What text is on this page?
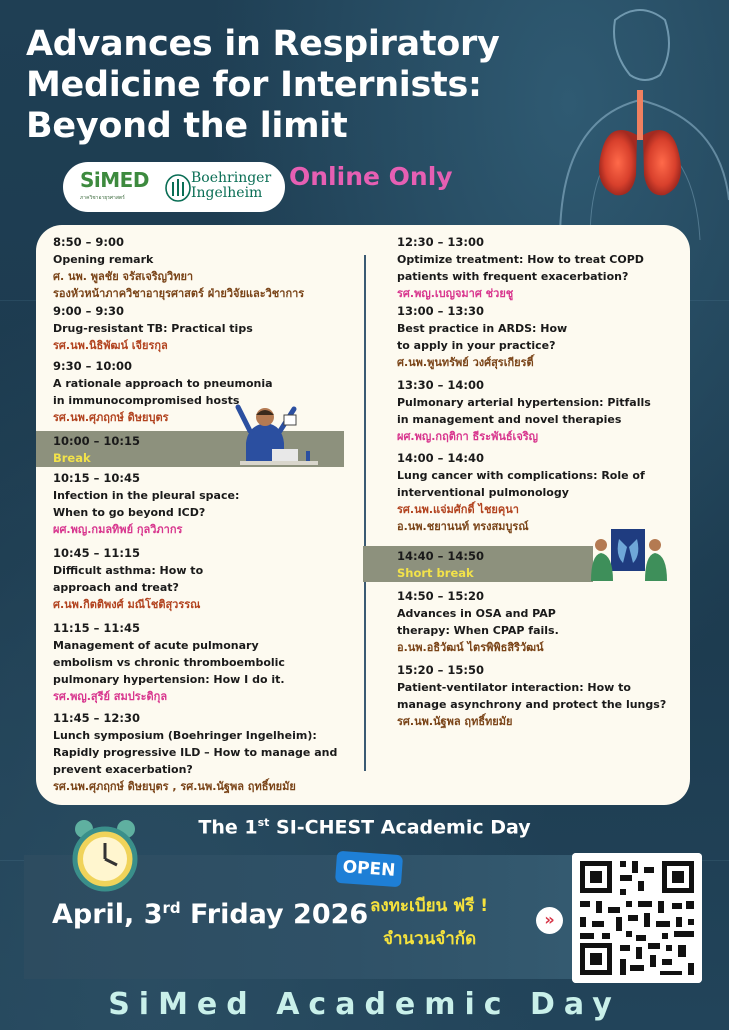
Advances in Respiratory
Medicine for Internists:
Beyond the limit
SiMED
ภาควิชาอายุรศาสตร์
Boehringer
Ingelheim
Online Only
8:50 – 9:00
Opening remark
ศ. นพ. พูลชัย จรัสเจริญวิทยา
รองหัวหน้าภาควิชาอายุรศาสตร์ ฝ่ายวิจัยและวิชาการ
9:00 – 9:30
Drug-resistant TB: Practical tips
รศ.นพ.นิธิพัฒน์ เจียรกุล
9:30 – 10:00
A rationale approach to pneumonia
in immunocompromised hosts
รศ.นพ.ศุภฤกษ์ ดิษยบุตร
10:15 – 10:45
Infection in the pleural space:
When to go beyond ICD?
ผศ.พญ.กมลทิพย์ กุลวิภากร
10:45 – 11:15
Difficult asthma: How to
approach and treat?
ศ.นพ.กิตติพงศ์ มณีโชติสุวรรณ
11:15 – 11:45
Management of acute pulmonary
embolism vs chronic thromboembolic
pulmonary hypertension: How I do it.
รศ.พญ.สุรีย์ สมประดิกุล
11:45 – 12:30
Lunch symposium (Boehringer Ingelheim):
Rapidly progressive ILD – How to manage and
prevent exacerbation?
รศ.นพ.ศุภฤกษ์ ดิษยบุตร , รศ.นพ.นัฐพล ฤทธิ์ทยมัย
10:00 – 10:15
Break
12:30 – 13:00
Optimize treatment: How to treat COPD
patients with frequent exacerbation?
รศ.พญ.เบญจมาศ ช่วยชู
13:00 – 13:30
Best practice in ARDS: How
to apply in your practice?
ศ.นพ.พูนทรัพย์ วงศ์สุรเกียรติ์
13:30 – 14:00
Pulmonary arterial hypertension: Pitfalls
in management and novel therapies
ผศ.พญ.กฤติกา ธีระพันธ์เจริญ
14:00 – 14:40
Lung cancer with complications: Role of
interventional pulmonology
รศ.นพ.แจ่มศักดิ์ ไชยคุนา
อ.นพ.ชยานนท์ ทรงสมบูรณ์
14:50 – 15:20
Advances in OSA and PAP
therapy: When CPAP fails.
อ.นพ.อธิวัฒน์ ไตรพิพิธสิริวัฒน์
15:20 – 15:50
Patient-ventilator interaction: How to
manage asynchrony and protect the lungs?
รศ.นพ.นัฐพล ฤทธิ์ทยมัย
14:40 – 14:50
Short break
The 1st SI-CHEST Academic Day
April, 3rd Friday 2026
OPEN
ลงทะเบียน ฟรี !
จำนวนจำกัด
»
SiMed Academic Day
